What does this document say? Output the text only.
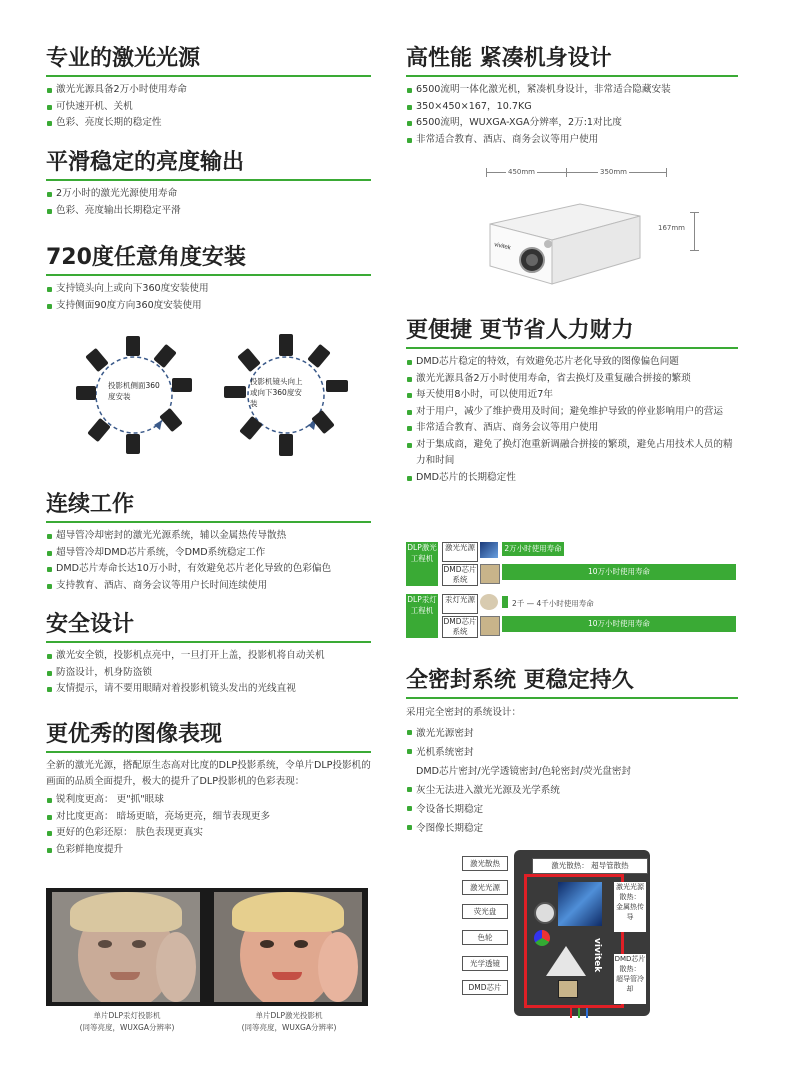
专业的激光光源
激光光源具备2万小时使用寿命
可快速开机、关机
色彩、亮度长期的稳定性
平滑稳定的亮度输出
2万小时的激光光源使用寿命
色彩、亮度输出长期稳定平滑
720度任意角度安装
支持镜头向上或向下360度安装使用
支持侧面90度方向360度安装使用
投影机侧面360度安装
投影机镜头向上或向下360度安装
连续工作
超导管冷却密封的激光光源系统，辅以金属热传导散热
超导管冷却DMD芯片系统，令DMD系统稳定工作
DMD芯片寿命长达10万小时，有效避免芯片老化导致的色彩偏色
支持教育、酒店、商务会议等用户长时间连续使用
安全设计
激光安全锁，投影机点亮中，一旦打开上盖，投影机将自动关机
防盗设计，机身防盗锁
友情提示，请不要用眼睛对着投影机镜头发出的光线直视
更优秀的图像表现
全新的激光光源，搭配原生态高对比度的DLP投影系统，令单片DLP投影机的画面的品质全面提升，极大的提升了DLP投影机的色彩表现：
锐利度更高： 更"抓"眼球
对比度更高： 暗场更暗，亮场更亮，细节表现更多
更好的色彩还原： 肤色表现更真实
色彩鲜艳度提升
单片DLP汞灯投影机
(同等亮度，WUXGA分辨率)
单片DLP激光投影机
(同等亮度，WUXGA分辨率)
高性能 紧凑机身设计
6500流明一体化激光机，紧凑机身设计，非常适合隐藏安装
350×450×167，10.7KG
6500流明，WUXGA-XGA分辨率，2万:1对比度
非常适合教育、酒店、商务会议等用户使用
450mm	350mm
167mm
vivitek
更便捷 更节省人力财力
DMD芯片稳定的特效，有效避免芯片老化导致的图像偏色问题
激光光源具备2万小时使用寿命，省去换灯及重复融合拼接的繁琐
每天使用8小时，可以使用近7年
对于用户，减少了维护费用及时间；避免维护导致的停业影响用户的营运
非常适合教育、酒店、商务会议等用户使用
对于集成商，避免了换灯泡重新调融合拼接的繁琐，避免占用技术人员的精力和时间
DMD芯片的长期稳定性
DLP激光工程机
激光光源
DMD芯片系统
2万小时使用寿命
10万小时使用寿命
DLP汞灯工程机
汞灯光源
DMD芯片系统
2千 — 4千小时使用寿命
10万小时使用寿命
全密封系统 更稳定持久
采用完全密封的系统设计：
激光光源密封
光机系统密封
DMD芯片密封/光学透镜密封/色轮密封/荧光盘密封
灰尘无法进入激光光源及光学系统
令设备长期稳定
令图像长期稳定
激光散热： 超导管散热
vivitek
激光光源散热：
金属热传导
DMD芯片散热：
超导管冷却
激光散热
激光光源
荧光盘
色轮
光学透镜
DMD芯片
